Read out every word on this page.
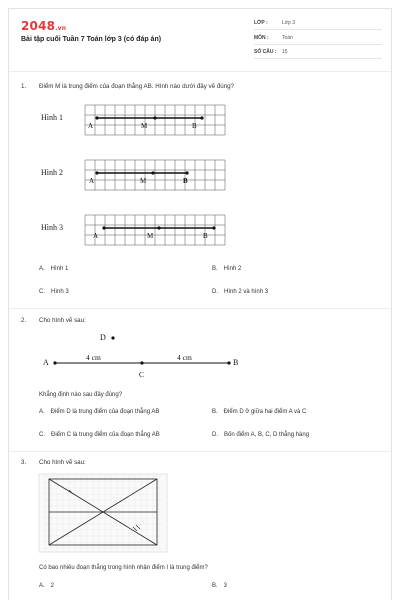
2048.vn
Bài tập cuối Tuần 7 Toán lớp 3 (có đáp án)
LỚP :	Lớp 3
MÔN :	Toán
SỐ CÂU : 15
1. Điểm M là trung điểm của đoạn thẳng AB. Hình nào dưới đây vẽ đúng?
Hình 1
Hình 2
Hình 3
A	M	B
A	M	B
A	M	B
A. Hình 1	B. Hình 2
C. Hình 3	D. Hình 2 và hình 3
2. Cho hình vẽ sau:
D
A	B
C
4 cm	4 cm
Khẳng định nào sau đây đúng?
A. Điểm D là trung điểm của đoạn thẳng AB	B. Điểm D ở giữa hai điểm A và C
C. Điểm C là trung điểm của đoạn thẳng AB	D. Bốn điểm A, B, C, D thẳng hàng
3. Cho hình vẽ sau:
Có bao nhiêu đoạn thẳng trong hình nhận điểm I là trung điểm?
A. 2	B. 3
